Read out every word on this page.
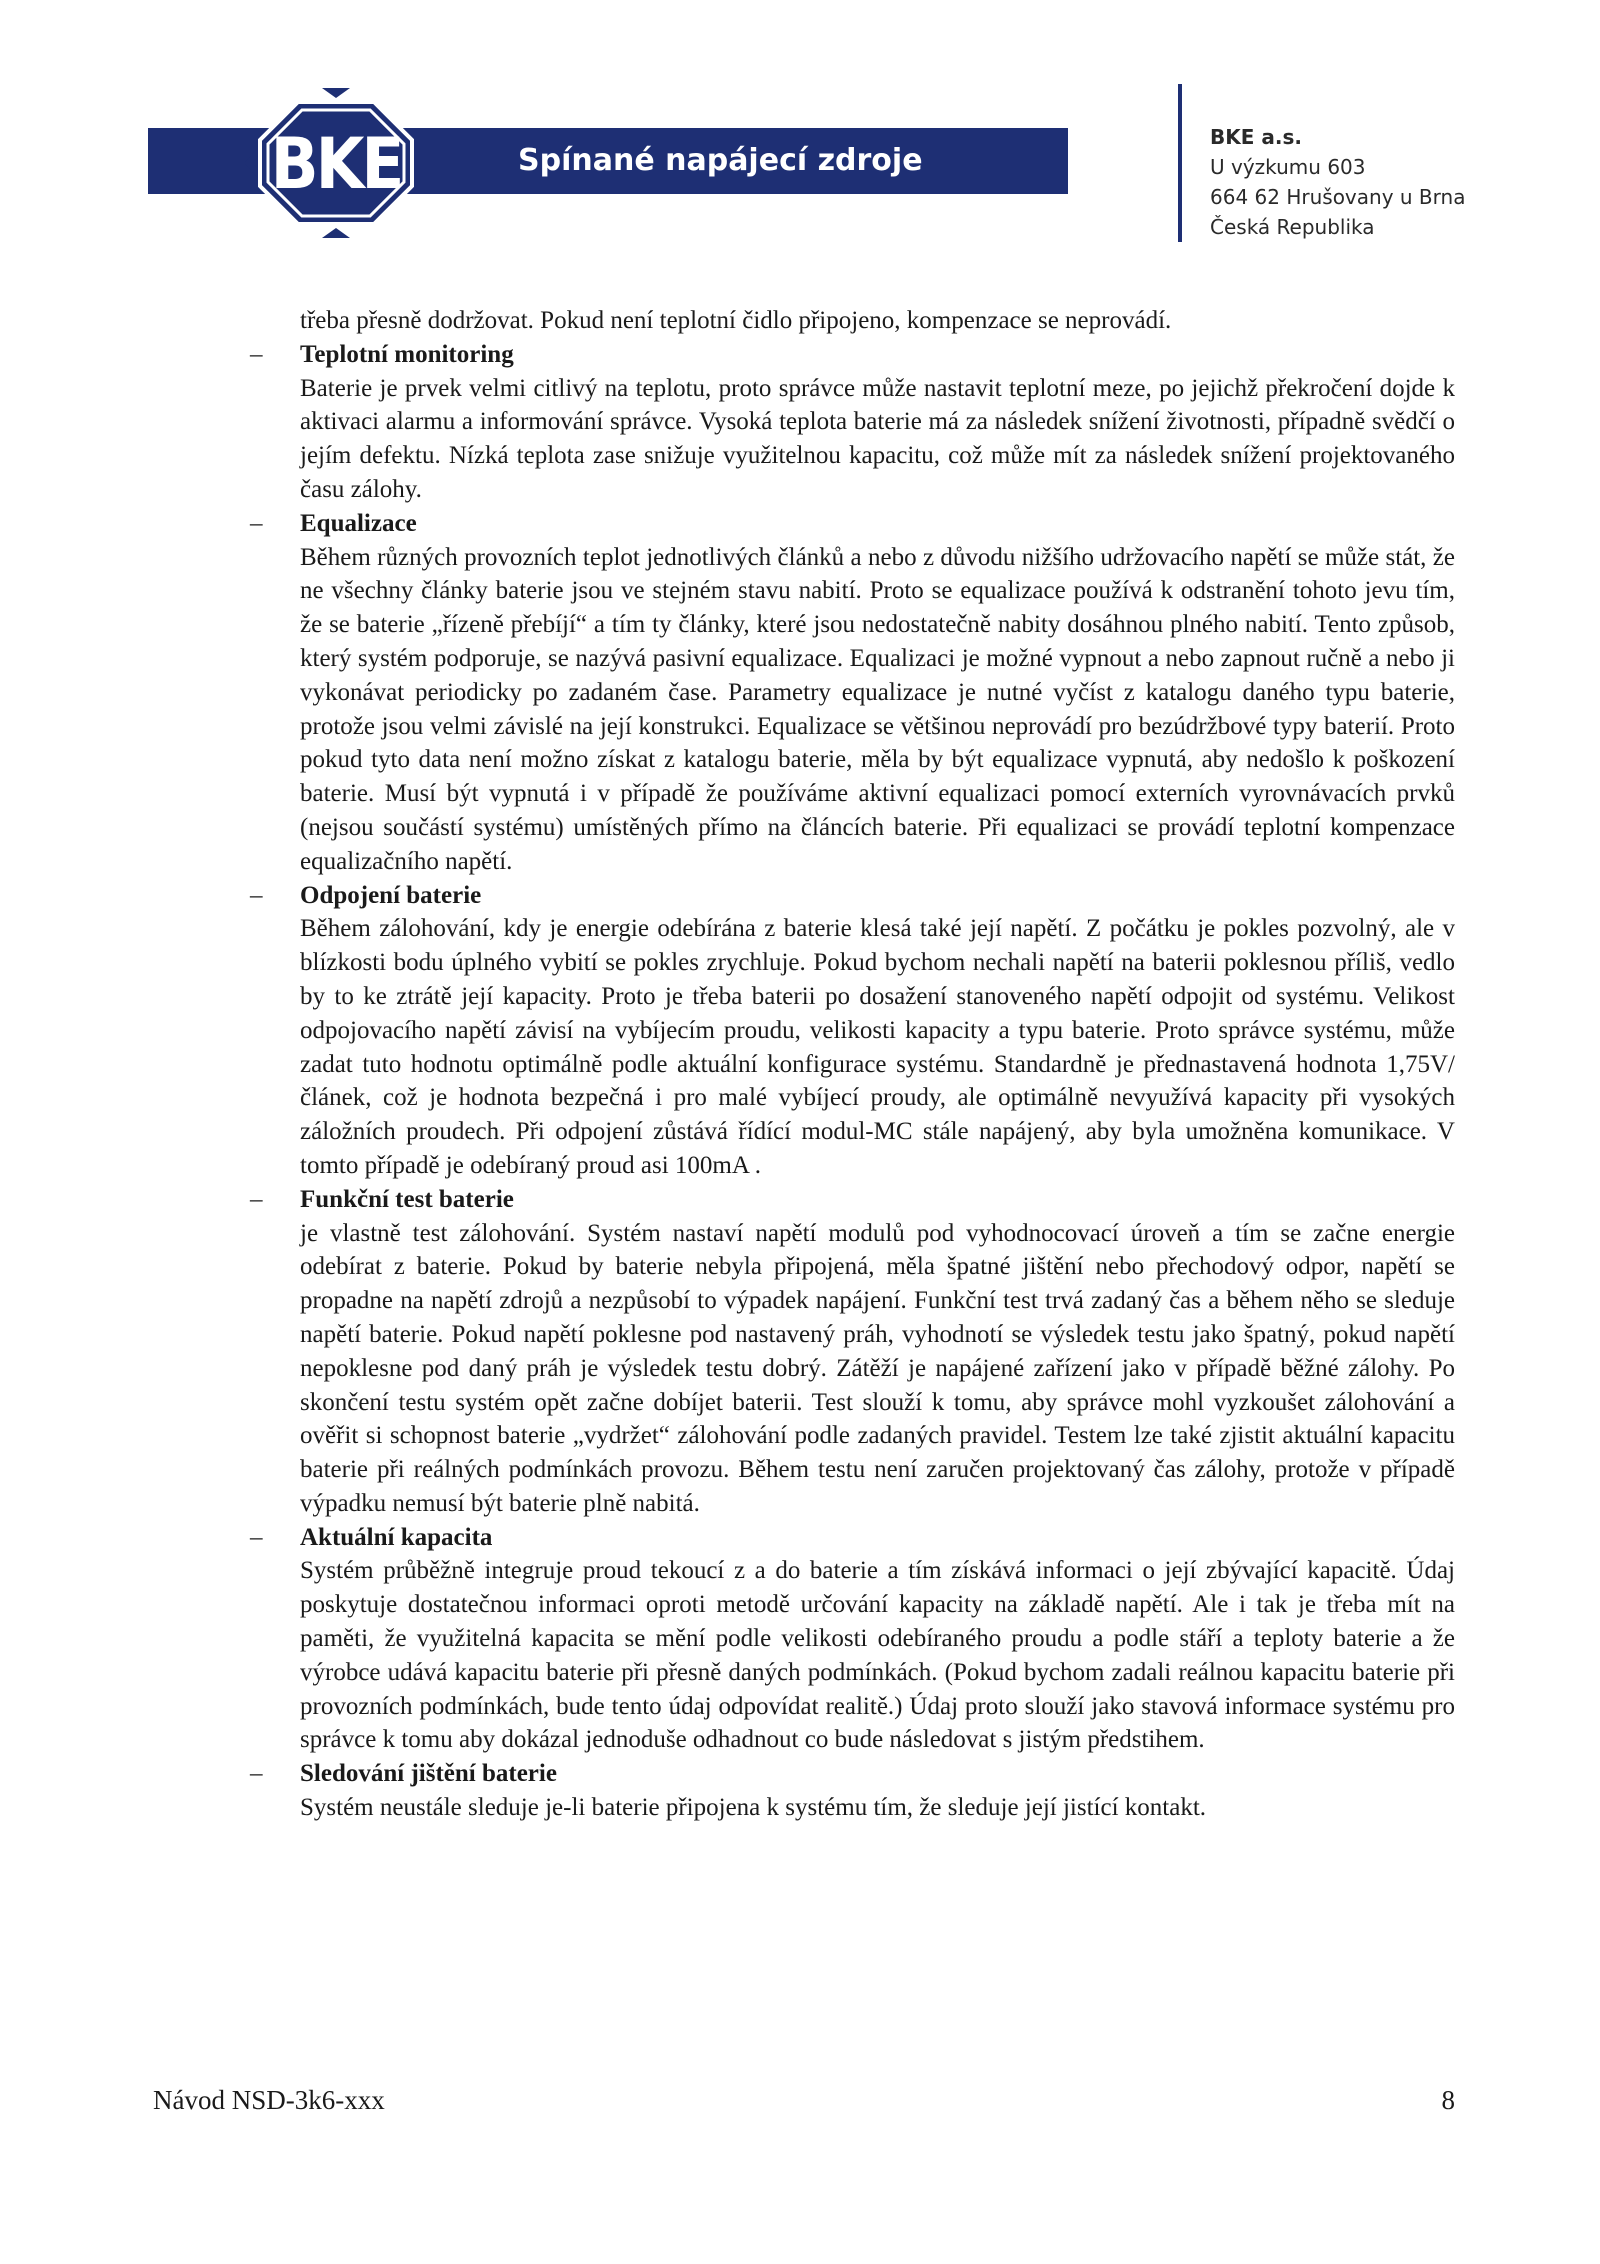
Spínané napájecí zdroje
BKE	BKE a.s.
U výzkumu 603
664 62 Hrušovany u Brna
Česká Republika

třeba přesně dodržovat. Pokud není teplotní čidlo připojeno, kompenzace se neprovádí.

–	Teplotní monitoring

Baterie je prvek velmi citlivý na teplotu, proto správce může nastavit teplotní meze, po jejichž překročení dojde k aktivaci alarmu a informování správce. Vysoká teplota baterie má za následek snížení životnosti, případně svědčí o jejím defektu. Nízká teplota zase snižuje využitelnou kapacitu, což může mít za následek snížení projektovaného času zálohy.

–	Equalizace

Během různých provozních teplot jednotlivých článků a nebo z důvodu nižšího udržovacího napětí se může stát, že ne všechny články baterie jsou ve stejném stavu nabití. Proto se equalizace používá k odstranění tohoto jevu tím, že se baterie „řízeně přebíjí“ a tím ty články, které jsou nedostatečně nabity dosáhnou plného nabití. Tento způsob, který systém podporuje, se nazývá pasivní equalizace. Equalizaci je možné vypnout a nebo zapnout ručně a nebo ji vykonávat periodicky po zadaném čase. Parametry equalizace je nutné vyčíst z katalogu daného typu baterie, protože jsou velmi závislé na její konstrukci. Equalizace se většinou neprovádí pro bezúdržbové typy baterií. Proto pokud tyto data není možno získat z katalogu baterie, měla by být equalizace vypnutá, aby nedošlo k poškození baterie. Musí být vypnutá i v případě že používáme aktivní equalizaci pomocí externích vyrovnávacích prvků (nejsou součástí systému) umístěných přímo na článcích baterie. Při equalizaci se provádí teplotní kompenzace equalizačního napětí.

–	Odpojení baterie

Během zálohování, kdy je energie odebírána z baterie klesá také její napětí. Z počátku je pokles pozvolný, ale v blízkosti bodu úplného vybití se pokles zrychluje. Pokud bychom nechali napětí na baterii poklesnou příliš, vedlo by to ke ztrátě její kapacity. Proto je třeba baterii po dosažení stanoveného napětí odpojit od systému. Velikost odpojovacího napětí závisí na vybíjecím proudu, velikosti kapacity a typu baterie. Proto správce systému, může zadat tuto hodnotu optimálně podle aktuální konfigurace systému. Standardně je přednastavená hodnota 1,75V/článek, což je hodnota bezpečná i pro malé vybíjecí proudy, ale optimálně nevyužívá kapacity při vysokých záložních proudech. Při odpojení zůstává řídící modul-MC stále napájený, aby byla umožněna komunikace. V tomto případě je odebíraný proud asi 100mA .

–	Funkční test baterie

je vlastně test zálohování. Systém nastaví napětí modulů pod vyhodnocovací úroveň a tím se začne energie odebírat z baterie. Pokud by baterie nebyla připojená, měla špatné jištění nebo přechodový odpor, napětí se propadne na napětí zdrojů a nezpůsobí to výpadek napájení. Funkční test trvá zadaný čas a během něho se sleduje napětí baterie. Pokud napětí poklesne pod nastavený práh, vyhodnotí se výsledek testu jako špatný, pokud napětí nepoklesne pod daný práh je výsledek testu dobrý. Zátěží je napájené zařízení jako v případě běžné zálohy. Po skončení testu systém opět začne dobíjet baterii. Test slouží k tomu, aby správce mohl vyzkoušet zálohování a ověřit si schopnost baterie „vydržet“ zálohování podle zadaných pravidel. Testem lze také zjistit aktuální kapacitu baterie při reálných podmínkách provozu. Během testu není zaručen projektovaný čas zálohy, protože v případě výpadku nemusí být baterie plně nabitá.

–	Aktuální kapacita

Systém průběžně integruje proud tekoucí z a do baterie a tím získává informaci o její zbývající kapacitě. Údaj poskytuje dostatečnou informaci oproti metodě určování kapacity na základě napětí. Ale i tak je třeba mít na paměti, že využitelná kapacita se mění podle velikosti odebíraného proudu a podle stáří a teploty baterie a že výrobce udává kapacitu baterie při přesně daných podmínkách. (Pokud bychom zadali reálnou kapacitu baterie při provozních podmínkách, bude tento údaj odpovídat realitě.) Údaj proto slouží jako stavová informace systému pro správce k tomu aby dokázal jednoduše odhadnout co bude následovat s jistým předstihem.

–	Sledování jištění baterie

Systém neustále sleduje je-li baterie připojena k systému tím, že sleduje její jistící kontakt.

Návod NSD-3k6-xxx	8
